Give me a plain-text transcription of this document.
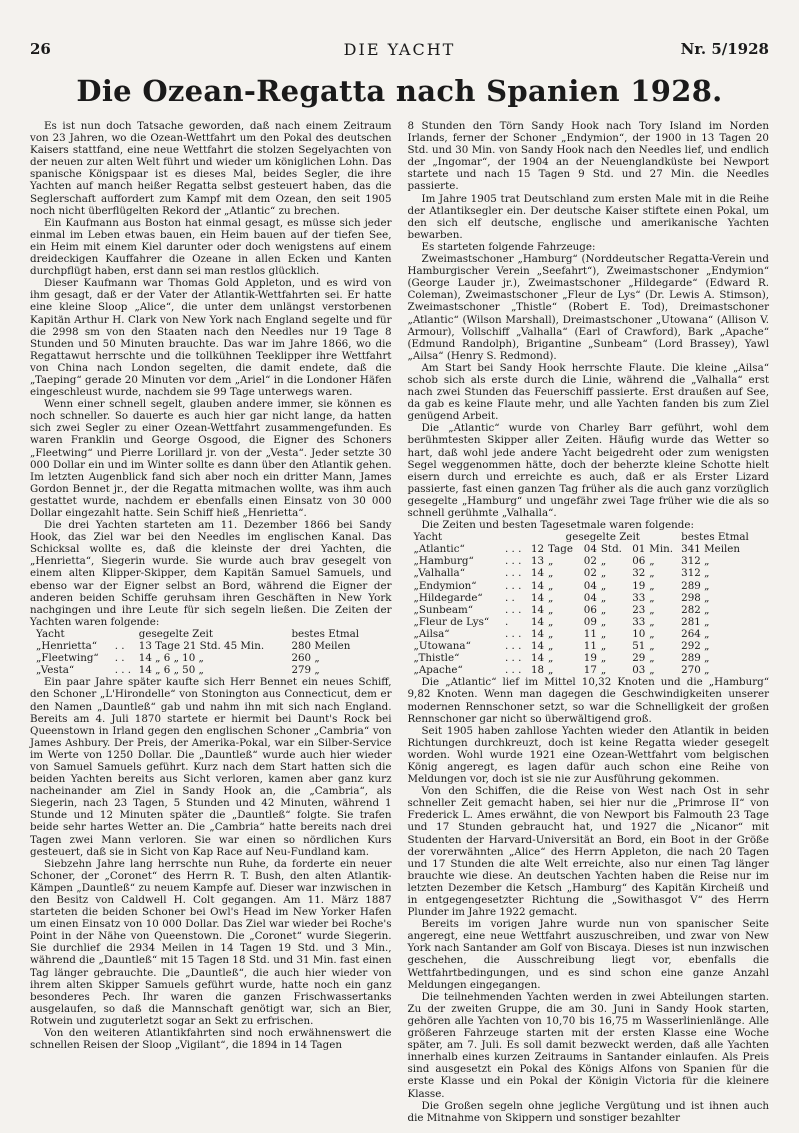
26	DIE YACHT	Nr. 5/1928
Die Ozean-Regatta nach Spanien 1928.

Es ist nun doch Tatsache geworden, daß nach einem Zeitraum von 23 Jahren, wo die Ozean-Wettfahrt um den Pokal des deutschen Kaisers stattfand, eine neue Wettfahrt die stolzen Segelyachten von der neuen zur alten Welt führt und wieder um königlichen Lohn. Das spanische Königspaar ist es dieses Mal, beides Segler, die ihre Yachten auf manch heißer Regatta selbst gesteuert haben, das die Seglerschaft auffordert zum Kampf mit dem Ozean, den seit 1905 noch nicht überflügelten Rekord der „Atlantic“ zu brechen.

Ein Kaufmann aus Boston hat einmal gesagt, es müsse sich jeder einmal im Leben etwas bauen, ein Heim bauen auf der tiefen See, ein Heim mit einem Kiel darunter oder doch wenigstens auf einem dreideckigen Kauffahrer die Ozeane in allen Ecken und Kanten durchpflügt haben, erst dann sei man restlos glücklich.

Dieser Kaufmann war Thomas Gold Appleton, und es wird von ihm gesagt, daß er der Vater der Atlantik-Wettfahrten sei. Er hatte eine kleine Sloop „Alice“, die unter dem unlängst verstorbenen Kapitän Arthur H. Clark von New York nach England segelte und für die 2998 sm von den Staaten nach den Needles nur 19 Tage 8 Stunden und 50 Minuten brauchte. Das war im Jahre 1866, wo die Regattawut herrschte und die tollkühnen Teeklipper ihre Wettfahrt von China nach London segelten, die damit endete, daß die „Taeping“ gerade 20 Minuten vor dem „Ariel“ in die Londoner Häfen eingeschleust wurde, nachdem sie 99 Tage unterwegs waren.

Wenn einer schnell segelt, glauben andere immer, sie können es noch schneller. So dauerte es auch hier gar nicht lange, da hatten sich zwei Segler zu einer Ozean-Wettfahrt zusammengefunden. Es waren Franklin und George Osgood, die Eigner des Schoners „Fleetwing“ und Pierre Lorillard jr. von der „Vesta“. Jeder setzte 30 000 Dollar ein und im Winter sollte es dann über den Atlantik gehen. Im letzten Augenblick fand sich aber noch ein dritter Mann, James Gordon Bennet jr., der die Regatta mitmachen wollte, was ihm auch gestattet wurde, nachdem er ebenfalls einen Einsatz von 30 000 Dollar eingezahlt hatte. Sein Schiff hieß „Henrietta“.

Die drei Yachten starteten am 11. Dezember 1866 bei Sandy Hook, das Ziel war bei den Needles im englischen Kanal. Das Schicksal wollte es, daß die kleinste der drei Yachten, die „Henrietta“, Siegerin wurde. Sie wurde auch brav gesegelt von einem alten Klipper-Skipper, dem Kapitän Samuel Samuels, und ebenso war der Eigner selbst an Bord, während die Eigner der anderen beiden Schiffe geruhsam ihren Geschäften in New York nachgingen und ihre Leute für sich segeln ließen. Die Zeiten der Yachten waren folgende:

Yacht		gesegelte Zeit	bestes Etmal
„Henrietta“	. .	13 Tage 21 Std. 45 Min.	280 Meilen
„Fleetwing“	. .	14 „ 6 „ 10 „	260 „
„Vesta“	. . .	14 „ 6 „ 50 „	279 „

Ein paar Jahre später kaufte sich Herr Bennet ein neues Schiff, den Schoner „L'Hirondelle“ von Stonington aus Connecticut, dem er den Namen „Dauntleß“ gab und nahm ihn mit sich nach England. Bereits am 4. Juli 1870 startete er hiermit bei Daunt's Rock bei Queenstown in Irland gegen den englischen Schoner „Cambria“ von James Ashbury. Der Preis, der Amerika-Pokal, war ein Silber-Service im Werte von 1250 Dollar. Die „Dauntleß“ wurde auch hier wieder von Samuel Samuels geführt. Kurz nach dem Start hatten sich die beiden Yachten bereits aus Sicht verloren, kamen aber ganz kurz nacheinander am Ziel in Sandy Hook an, die „Cambria“, als Siegerin, nach 23 Tagen, 5 Stunden und 42 Minuten, während 1 Stunde und 12 Minuten später die „Dauntleß“ folgte. Sie trafen beide sehr hartes Wetter an. Die „Cambria“ hatte bereits nach drei Tagen zwei Mann verloren. Sie war einen so nördlichen Kurs gesteuert, daß sie in Sicht von Kap Race auf Neu-Fundland kam.

Siebzehn Jahre lang herrschte nun Ruhe, da forderte ein neuer Schoner, der „Coronet“ des Herrn R. T. Bush, den alten Atlantik-Kämpen „Dauntleß“ zu neuem Kampfe auf. Dieser war inzwischen in den Besitz von Caldwell H. Colt gegangen. Am 11. März 1887 starteten die beiden Schoner bei Owl's Head im New Yorker Hafen um einen Einsatz von 10 000 Dollar. Das Ziel war wieder bei Roche's Point in der Nähe von Queenstown. Die „Coronet“ wurde Siegerin. Sie durchlief die 2934 Meilen in 14 Tagen 19 Std. und 3 Min., während die „Dauntleß“ mit 15 Tagen 18 Std. und 31 Min. fast einen Tag länger gebrauchte. Die „Dauntleß“, die auch hier wieder von ihrem alten Skipper Samuels geführt wurde, hatte noch ein ganz besonderes Pech. Ihr waren die ganzen Frischwassertanks ausgelaufen, so daß die Mannschaft genötigt war, sich an Bier, Rotwein und zuguterletzt sogar an Sekt zu erfrischen.

Von den weiteren Atlantikfahrten sind noch erwähnenswert die schnellen Reisen der Sloop „Vigilant“, die 1894 in 14 Tagen

8 Stunden den Törn Sandy Hook nach Tory Island im Norden Irlands, ferner der Schoner „Endymion“, der 1900 in 13 Tagen 20 Std. und 30 Min. von Sandy Hook nach den Needles lief, und endlich der „Ingomar“, der 1904 an der Neuenglandküste bei Newport startete und nach 15 Tagen 9 Std. und 27 Min. die Needles passierte.

Im Jahre 1905 trat Deutschland zum ersten Male mit in die Reihe der Atlantiksegler ein. Der deutsche Kaiser stiftete einen Pokal, um den sich elf deutsche, englische und amerikanische Yachten bewarben.

Es starteten folgende Fahrzeuge:

Zweimastschoner „Hamburg“ (Norddeutscher Regatta-Verein und Hamburgischer Verein „Seefahrt“), Zweimastschoner „Endymion“ (George Lauder jr.), Zweimastschoner „Hildegarde“ (Edward R. Coleman), Zweimastschoner „Fleur de Lys“ (Dr. Lewis A. Stimson), Zweimastschoner „Thistle“ (Robert E. Tod), Dreimastschoner „Atlantic“ (Wilson Marshall), Dreimastschoner „Utowana“ (Allison V. Armour), Vollschiff „Valhalla“ (Earl of Crawford), Bark „Apache“ (Edmund Randolph), Brigantine „Sunbeam“ (Lord Brassey), Yawl „Ailsa“ (Henry S. Redmond).

Am Start bei Sandy Hook herrschte Flaute. Die kleine „Ailsa“ schob sich als erste durch die Linie, während die „Valhalla“ erst nach zwei Stunden das Feuerschiff passierte. Erst draußen auf See, da gab es keine Flaute mehr, und alle Yachten fanden bis zum Ziel genügend Arbeit.

Die „Atlantic“ wurde von Charley Barr geführt, wohl dem berühmtesten Skipper aller Zeiten. Häufig wurde das Wetter so hart, daß wohl jede andere Yacht beigedreht oder zum wenigsten Segel weggenommen hätte, doch der beherzte kleine Schotte hielt eisern durch und erreichte es auch, daß er als Erster Lizard passierte, fast einen ganzen Tag früher als die auch ganz vorzüglich gesegelte „Hamburg“ und ungefähr zwei Tage früher wie die als so schnell gerühmte „Valhalla“.

Die Zeiten und besten Tagesetmale waren folgende:

Yacht		gesegelte Zeit						bestes Etmal
„Atlantic“	. . .	12	Tage	04	Std.	01	Min.	341 Meilen
„Hamburg“	. . .	13	„	02	„	06	„	312 „
„Valhalla“	. . .	14	„	02	„	32	„	312 „
„Endymion“	. . .	14	„	04	„	19	„	289 „
„Hildegarde“	. .	14	„	04	„	33	„	298 „
„Sunbeam“	. . .	14	„	06	„	23	„	282 „
„Fleur de Lys“	.	14	„	09	„	33	„	281 „
„Ailsa“	. . .	14	„	11	„	10	„	264 „
„Utowana“	. . .	14	„	11	„	51	„	292 „
„Thistle“	. . .	14	„	19	„	29	„	289 „
„Apache“	. . .	18	„	17	„	03	„	270 „

Die „Atlantic“ lief im Mittel 10,32 Knoten und die „Hamburg“ 9,82 Knoten. Wenn man dagegen die Geschwindigkeiten unserer modernen Rennschoner setzt, so war die Schnelligkeit der großen Rennschoner gar nicht so überwältigend groß.

Seit 1905 haben zahllose Yachten wieder den Atlantik in beiden Richtungen durchkreuzt, doch ist keine Regatta wieder gesegelt worden. Wohl wurde 1921 eine Ozean-Wettfahrt vom belgischen König angeregt, es lagen dafür auch schon eine Reihe von Meldungen vor, doch ist sie nie zur Ausführung gekommen.

Von den Schiffen, die die Reise von West nach Ost in sehr schneller Zeit gemacht haben, sei hier nur die „Primrose II“ von Frederick L. Ames erwähnt, die von Newport bis Falmouth 23 Tage und 17 Stunden gebraucht hat, und 1927 die „Nicanor“ mit Studenten der Harvard-Universität an Bord, ein Boot in der Größe der vorerwähnten „Alice“ des Herrn Appleton, die nach 20 Tagen und 17 Stunden die alte Welt erreichte, also nur einen Tag länger brauchte wie diese. An deutschen Yachten haben die Reise nur im letzten Dezember die Ketsch „Hamburg“ des Kapitän Kircheiß und in entgegengesetzter Richtung die „Sowithasgot V“ des Herrn Plunder im Jahre 1922 gemacht.

Bereits im vorigen Jahre wurde nun von spanischer Seite angeregt, eine neue Wettfahrt auszuschreiben, und zwar von New York nach Santander am Golf von Biscaya. Dieses ist nun inzwischen geschehen, die Ausschreibung liegt vor, ebenfalls die Wettfahrtbedingungen, und es sind schon eine ganze Anzahl Meldungen eingegangen.

Die teilnehmenden Yachten werden in zwei Abteilungen starten. Zu der zweiten Gruppe, die am 30. Juni in Sandy Hook starten, gehören alle Yachten von 10,70 bis 16,75 m Wasserlinienlänge. Alle größeren Fahrzeuge starten mit der ersten Klasse eine Woche später, am 7. Juli. Es soll damit bezweckt werden, daß alle Yachten innerhalb eines kurzen Zeitraums in Santander einlaufen. Als Preis sind ausgesetzt ein Pokal des Königs Alfons von Spanien für die erste Klasse und ein Pokal der Königin Victoria für die kleinere Klasse.

Die Großen segeln ohne jegliche Vergütung und ist ihnen auch die Mitnahme von Skippern und sonstiger bezahlter
